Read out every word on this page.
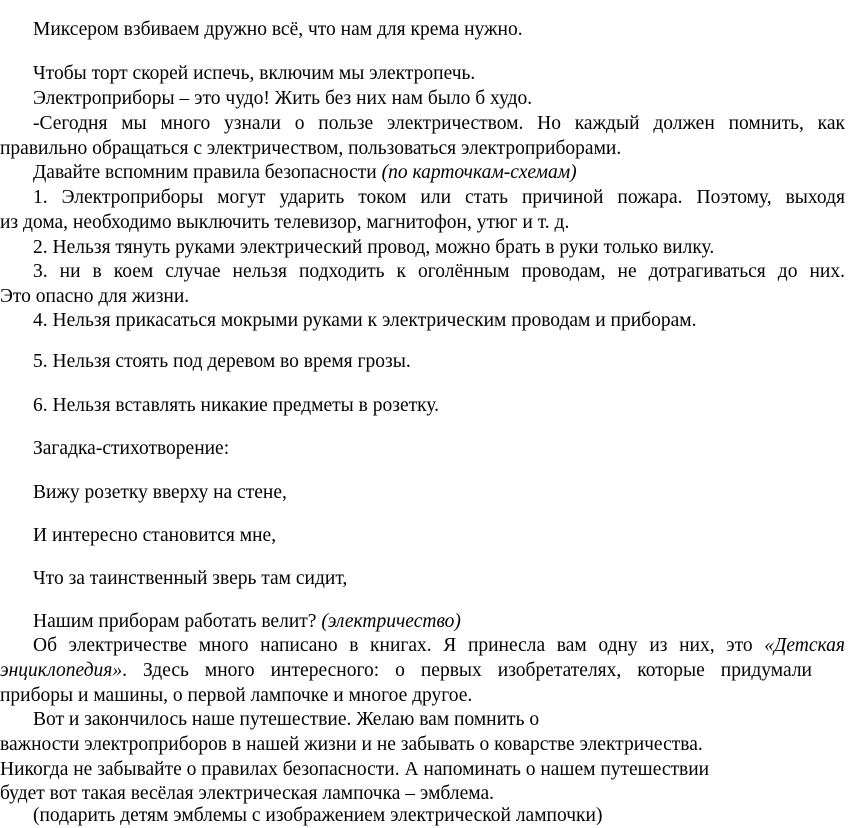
Миксером взбиваем дружно всё, что нам для крема нужно.
Чтобы торт скорей испечь, включим мы электропечь.
Электроприборы – это чудо! Жить без них нам было б худо.
-Сегодня мы много узнали о пользе электричеством. Но каждый должен помнить, как
правильно обращаться с электричеством, пользоваться электроприборами.
Давайте вспомним правила безопасности (по карточкам-схемам)
1. Электроприборы могут ударить током или стать причиной пожара. Поэтому, выходя
из дома, необходимо выключить телевизор, магнитофон, утюг и т. д.
2. Нельзя тянуть руками электрический провод, можно брать в руки только вилку.
3. ни в коем случае нельзя подходить к оголённым проводам, не дотрагиваться до них.
Это опасно для жизни.
4. Нельзя прикасаться мокрыми руками к электрическим проводам и приборам.
5. Нельзя стоять под деревом во время грозы.
6. Нельзя вставлять никакие предметы в розетку.
Загадка-стихотворение:
Вижу розетку вверху на стене,
И интересно становится мне,
Что за таинственный зверь там сидит,
Нашим приборам работать велит? (электричество)
Об электричестве много написано в книгах. Я принесла вам одну из них, это «Детская
энциклопедия». Здесь много интересного: о первых изобретателях, которые придумали
приборы и машины, о первой лампочке и многое другое.
Вот и закончилось наше путешествие. Желаю вам помнить о
важности электроприборов в нашей жизни и не забывать о коварстве электричества.
Никогда не забывайте о правилах безопасности. А напоминать о нашем путешествии
будет вот такая весёлая электрическая лампочка – эмблема.
(подарить детям эмблемы с изображением электрической лампочки)
